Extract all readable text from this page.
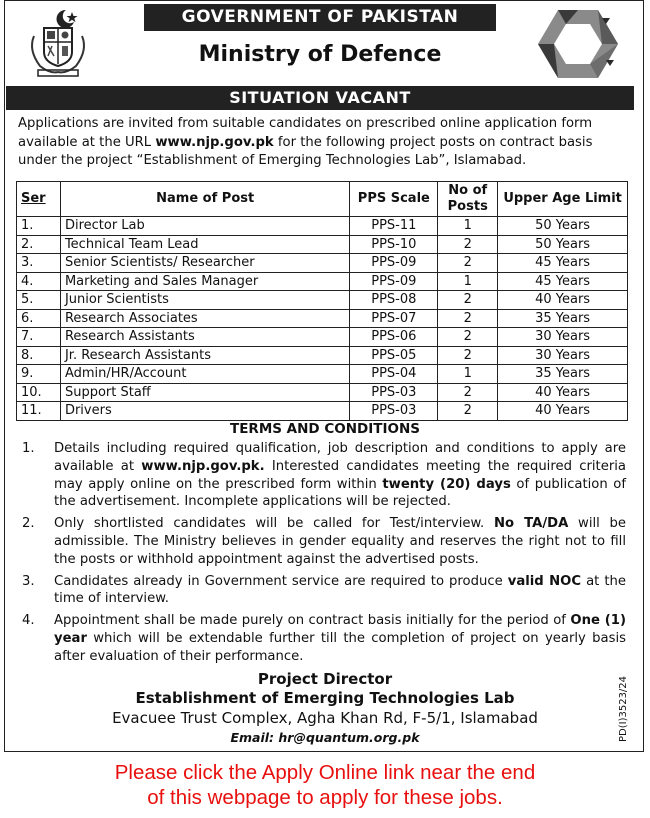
GOVERNMENT OF PAKISTAN
Ministry of Defence
SITUATION VACANT
Applications are invited from suitable candidates on prescribed online application form available at the URL www.njp.gov.pk for the following project posts on contract basis under the project “Establishment of Emerging Technologies Lab”, Islamabad.
Ser	Name of Post	PPS Scale	No of Posts	Upper Age Limit
1.	Director Lab	PPS-11	1	50 Years
2.	Technical Team Lead	PPS-10	2	50 Years
3.	Senior Scientists/ Researcher	PPS-09	2	45 Years
4.	Marketing and Sales Manager	PPS-09	1	45 Years
5.	Junior Scientists	PPS-08	2	40 Years
6.	Research Associates	PPS-07	2	35 Years
7.	Research Assistants	PPS-06	2	30 Years
8.	Jr. Research Assistants	PPS-05	2	30 Years
9.	Admin/HR/Account	PPS-04	1	35 Years
10.	Support Staff	PPS-03	2	40 Years
11.	Drivers	PPS-03	2	40 Years
TERMS AND CONDITIONS
1.	Details including required qualification, job description and conditions to apply are available at www.njp.gov.pk. Interested candidates meeting the required criteria may apply online on the prescribed form within twenty (20) days of publication of the advertisement. Incomplete applications will be rejected.
2.	Only shortlisted candidates will be called for Test/interview. No TA/DA will be admissible. The Ministry believes in gender equality and reserves the right not to fill the posts or withhold appointment against the advertised posts.
3.	Candidates already in Government service are required to produce valid NOC at the time of interview.
4.	Appointment shall be made purely on contract basis initially for the period of One (1) year which will be extendable further till the completion of project on yearly basis after evaluation of their performance.
Project Director
Establishment of Emerging Technologies Lab
Evacuee Trust Complex, Agha Khan Rd, F-5/1, Islamabad
Email: hr@quantum.org.pk	PD(I)3523/24
Please click the Apply Online link near the end
of this webpage to apply for these jobs.
